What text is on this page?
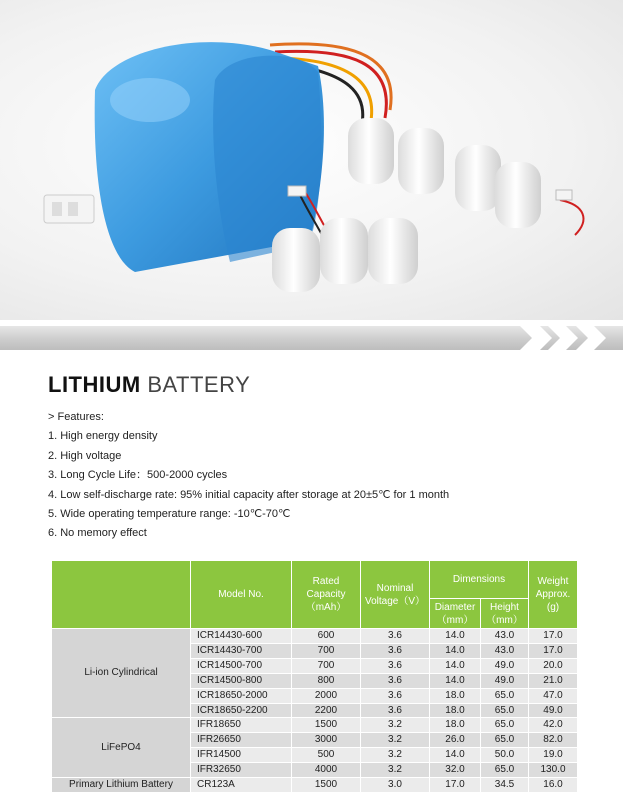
LITHIUM BATTERY
> Features:
1. High energy density
2. High voltage
3. Long Cycle Life：500-2000 cycles
4. Low self-discharge rate: 95% initial capacity after storage at 20±5℃ for 1 month
5. Wide operating temperature range: -10℃-70℃
6. No memory effect
	Model No.	Rated Capacity （mAh）	Nominal Voltage（V）	Dimensions		Weight Approx. (g)
				Diameter （mm）	Height （mm）	
Li-ion Cylindrical	ICR14430-600	600	3.6	14.0	43.0	17.0
	ICR14430-700	700	3.6	14.0	43.0	17.0
	ICR14500-700	700	3.6	14.0	49.0	20.0
	ICR14500-800	800	3.6	14.0	49.0	21.0
	ICR18650-2000	2000	3.6	18.0	65.0	47.0
	ICR18650-2200	2200	3.6	18.0	65.0	49.0
LiFePO4	IFR18650	1500	3.2	18.0	65.0	42.0
	IFR26650	3000	3.2	26.0	65.0	82.0
	IFR14500	500	3.2	14.0	50.0	19.0
	IFR32650	4000	3.2	32.0	65.0	130.0
Primary Lithium Battery	CR123A	1500	3.0	17.0	34.5	16.0
